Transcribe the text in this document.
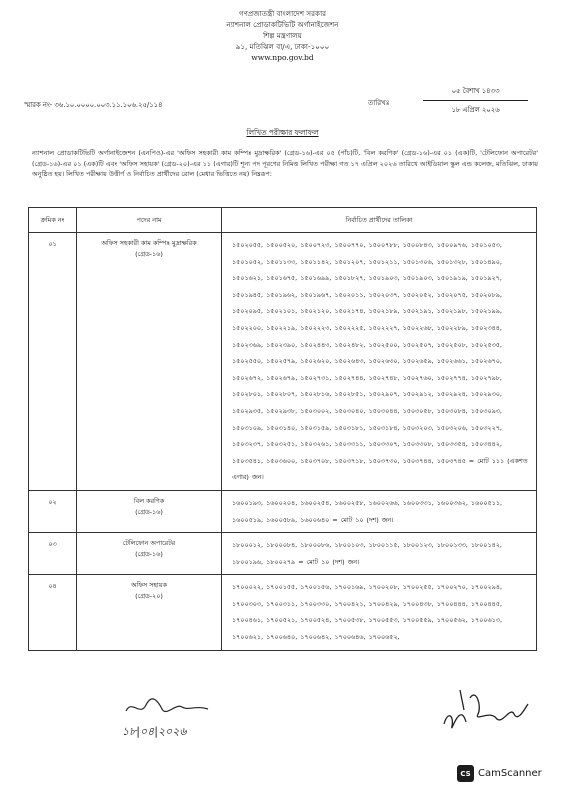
গণপ্রজাতন্ত্রী বাংলাদেশ সরকার
ন্যাশনাল প্রোডাকটিভিটি অর্গানাইজেশন
শিল্প মন্ত্রণালয়
৯১, মতিঝিল বা/এ, ঢাকা-১০০০
www.npo.gov.bd
স্মারক নং- ৩৬.১০.০০০০.০০৩.১১.১০৬.২৫/১১৪	তারিখঃ
০৫ বৈশাখ ১৪৩৩
১৮ এপ্রিল ২০২৬
লিখিত পরীক্ষার ফলাফল
ন্যাশনাল প্রোডাকটিভিটি অর্গানাইজেশন (এনপিও)-এর 'অফিস সহকারী কাম কম্পিঃ মুদ্রাক্ষরিক' (গ্রেড-১৬)-এর ০৫ (পাঁচ)টি, 'বিল করণিক' (গ্রেড-১৬)-এর ০১ (এক)টি, 'টেলিফোন অপারেটর' (গ্রেড-১৬)-এর ০১ (এক)টি এবং 'অফিস সহায়ক' (গ্রেড-২০)-এর ১১ (এগার)টি শূন্য পদ পূরণের নিমিত্ত লিখিত পরীক্ষা গত ১৭ এপ্রিল ২০২৬ তারিখে আইডিয়াল স্কুল এন্ড কলেজ, মতিঝিল, ঢাকায় অনুষ্ঠিত হয়। লিখিত পরীক্ষায় উত্তীর্ণ ও নির্বাচিত প্রার্থীদের রোল (মেধার ভিত্তিতে নয়) নিম্নরূপ:
ক্রমিক নং	পদের নাম	নির্বাচিত প্রার্থীদের তালিকা
০১	অফিস সহকারী কাম কম্পিঃ মুদ্রাক্ষরিক
(গ্রেড-১৬)	১৫০২০৫৫, ১৫০০৫২০, ১৫০০৭২৩, ১৫০০৭৭০, ১৫০০৭৮৮, ১৫০০৮৪৩, ১৫০০৯৭৬, ১৫০১০৫৩, ১৫০১০৫২, ১৫০১১৩৩, ১৫০১১৪২, ১৫০১২০৭, ১৫০১২১১, ১৫০১৩০৬, ১৫০১৩২৮, ১৫০১৪৯০, ১৫০১৬২১, ১৫০১৬৭৫, ১৫০১৬৯৯, ১৫০১৮২৭, ১৫০১৯০৩, ১৫০১৯০৩, ১৫০১৯১৯, ১৫০১৯২৭, ১৫০১৯৪৫, ১৫০১৯৬২, ১৫০১৯৬৭, ১৫০২০১১, ১৫০২০৩৭, ১৫০২০৫২, ১৫০২০৭৫, ১৫০২০৮৯, ১৫০২০৯৫, ১৫০২১০১, ১৫০২১২০, ১৫০২১৭৪, ১৫০২১৮৯, ১৫০২১৯১, ১৫০২১৯৮, ১৫০২১৯৯, ১৫০২২০০, ১৫০২২১৯, ১৫০২২২৩, ১৫০২২২৫, ১৫০২২২৭, ১৫০২২৬৮, ১৫০২২৮৯, ১৫০২৩৪৪, ১৫০২৩৬৯, ১৫০২৩৯০, ১৫০২৪৪৩, ১৫০২৪৮২, ১৫০২৫০০, ১৫০২৫০৭, ১৫০২৫০৮, ১৫০২৫৩৫, ১৫০২৫৫০, ১৫০২৫৭৯, ১৫০২৬২০, ১৫০২৬৪৩, ১৫০২৬৩০, ১৫০২৬৫৯, ১৫০২৬৬১, ১৫০২৬৭০, ১৫০২৬৭২, ১৫০২৬৭৯, ১৫০২৭৩১, ১৫০২৭৪৪, ১৫০২৭৪৮, ১৫০২৭৬০, ১৫০২৭৭৪, ১৫০২৭৯৮, ১৫০২৮০১, ১৫০২৮০৭, ১৫০২৮১৬, ১৫০২৮৫১, ১৫০২৯০৭, ১৫০২৯১২, ১৫০২৯২৪, ১৫০২৯৩০, ১৫০২৯৩৫, ১৫০২৯৩৮, ১৫০৩০০২, ১৫০৩০৪০, ১৫০৩০৪৪, ১৫০৩০৫৮, ১৫০৩০৮৪, ১৫০৩০৯৩, ১৫০৩১০৯, ১৫০৩১৪০, ১৫০৩১৫৯, ১৫০৩১৮১, ১৫০৩১৮৪, ১৫০৩২০৩, ১৫০৩২০৬, ১৫০৩২২৭, ১৫০৩২৩৭, ১৫০৩২৫১, ১৫০৩২৬১, ১৫০৩৩১১, ১৫০৩৩০৭, ১৫০৩৩০৮, ১৫০৩৩৫৪, ১৫০৩৪৪২, ১৫০৩৫৪১, ১৫০৩৬০০, ১৫০৩৭০৮, ১৫০৩৭১৮, ১৫০৩৭৩০, ১৫০৩৭৪৪, ১৫০৩৭৪৫ = মোট ১১১ (একশত এগার) জন।
০২	বিল করণিক
(গ্রেড-১৬)	১৬০০১৯৩, ১৬০০২০৪, ১৬০০২৫৪, ১৬০০২৫৮, ১৬০০২৬৬, ১৬০০৩৩১, ১৬০০৩৬২, ১৬০০৫১১, ১৬০০৫১৯, ১৬০০৫৮৯, ১৬০০৬৪০ = মোট ১০ (দশ) জন।
০৩	টেলিফোন অপারেটর
(গ্রেড-১৬)	১৮০০০১২, ১৮০০০৮৪, ১৮০০০৮৬, ১৮০০১০৩, ১৮০০১১৫, ১৮০০১২৩, ১৮০০১৩৩, ১৮০০১৪২, ১৮০০১৯৬, ১৮০০২৭৯ = মোট ১০ (দশ) জন।
০৪	অফিস সহায়ক
(গ্রেড-২০)	১৭০০০২২, ১৭০০১৫৫, ১৭০০১৫৬, ১৭০০১৬৯, ১৭০০২০৮, ১৭০০২৫৫, ১৭০০২৭০, ১৭০০২৯৪, ১৭০০৩০৩, ১৭০০৩১১, ১৭০০৩৩০, ১৭০০৪২১, ১৭০০৪২৯, ১৭০০৪৩৮, ১৭০০৪৪৪, ১৭০০৪৪৫, ১৭০০৪৬১, ১৭০০৫২১, ১৭০০৫২৪, ১৭০০৫৩৮, ১৭০০৫৫৩, ১৭০০৫৫৯, ১৭০০৫৬২, ১৭০০৬১৩, ১৭০০৬২১, ১৭০০৬৪০, ১৭০০৬৪২, ১৭০০৬৪৬, ১৭০০৬৫২,
১৮|০৪|২০২৬
CS CamScanner
